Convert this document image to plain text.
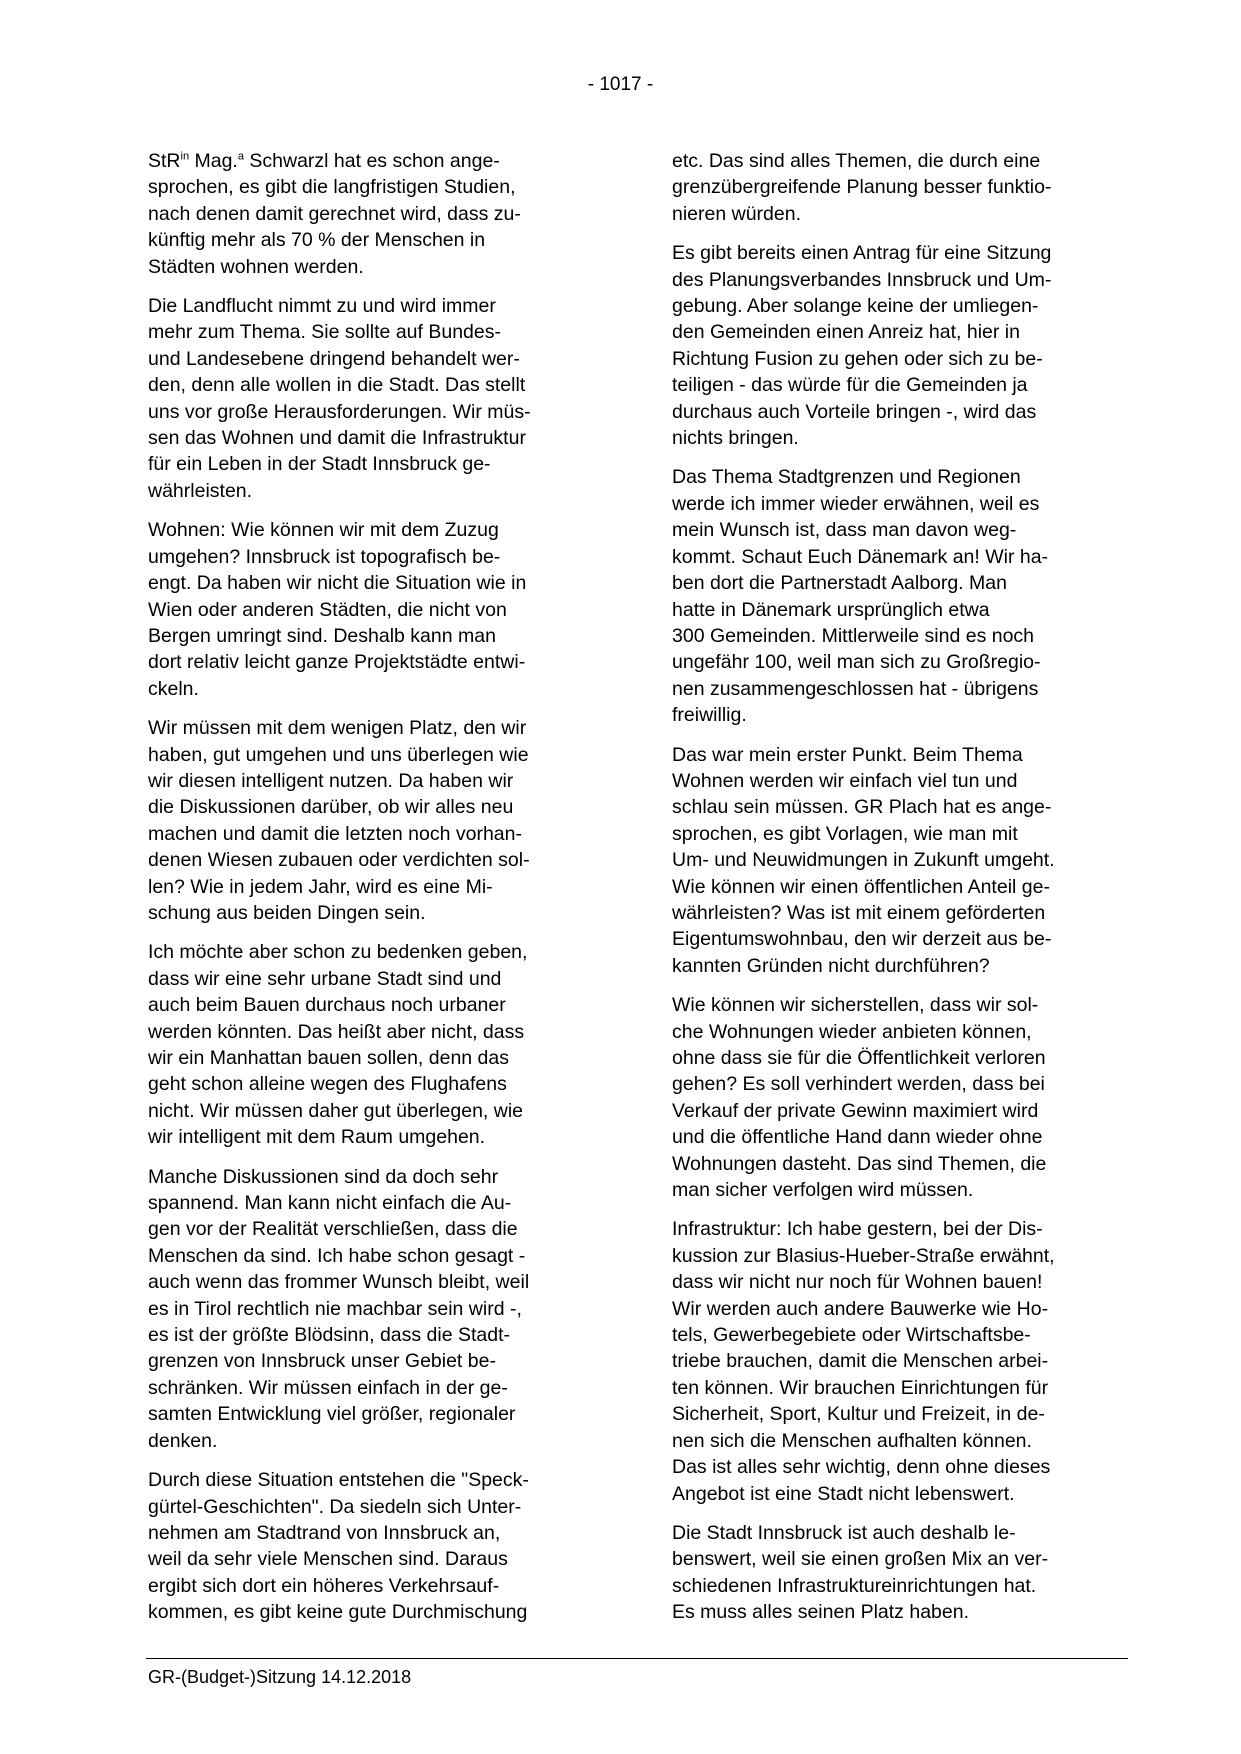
- 1017 -

StR$^{in}$ Mag.$^a$ Schwarzl hat es schon ange-
sprochen, es gibt die langfristigen Studien,
nach denen damit gerechnet wird, dass zu-
künftig mehr als 70 % der Menschen in
Städten wohnen werden.

Die Landflucht nimmt zu und wird immer
mehr zum Thema. Sie sollte auf Bundes-
und Landesebene dringend behandelt wer-
den, denn alle wollen in die Stadt. Das stellt
uns vor große Herausforderungen. Wir müs-
sen das Wohnen und damit die Infrastruktur
für ein Leben in der Stadt Innsbruck ge-
währleisten.

Wohnen: Wie können wir mit dem Zuzug
umgehen? Innsbruck ist topografisch be-
engt. Da haben wir nicht die Situation wie in
Wien oder anderen Städten, die nicht von
Bergen umringt sind. Deshalb kann man
dort relativ leicht ganze Projektstädte entwi-
ckeln.

Wir müssen mit dem wenigen Platz, den wir
haben, gut umgehen und uns überlegen wie
wir diesen intelligent nutzen. Da haben wir
die Diskussionen darüber, ob wir alles neu
machen und damit die letzten noch vorhan-
denen Wiesen zubauen oder verdichten sol-
len? Wie in jedem Jahr, wird es eine Mi-
schung aus beiden Dingen sein.

Ich möchte aber schon zu bedenken geben,
dass wir eine sehr urbane Stadt sind und
auch beim Bauen durchaus noch urbaner
werden könnten. Das heißt aber nicht, dass
wir ein Manhattan bauen sollen, denn das
geht schon alleine wegen des Flughafens
nicht. Wir müssen daher gut überlegen, wie
wir intelligent mit dem Raum umgehen.

Manche Diskussionen sind da doch sehr
spannend. Man kann nicht einfach die Au-
gen vor der Realität verschließen, dass die
Menschen da sind. Ich habe schon gesagt -
auch wenn das frommer Wunsch bleibt, weil
es in Tirol rechtlich nie machbar sein wird -,
es ist der größte Blödsinn, dass die Stadt-
grenzen von Innsbruck unser Gebiet be-
schränken. Wir müssen einfach in der ge-
samten Entwicklung viel größer, regionaler
denken.

Durch diese Situation entstehen die "Speck-
gürtel-Geschichten". Da siedeln sich Unter-
nehmen am Stadtrand von Innsbruck an,
weil da sehr viele Menschen sind. Daraus
ergibt sich dort ein höheres Verkehrsauf-
kommen, es gibt keine gute Durchmischung

etc. Das sind alles Themen, die durch eine
grenzübergreifende Planung besser funktio-
nieren würden.

Es gibt bereits einen Antrag für eine Sitzung
des Planungsverbandes Innsbruck und Um-
gebung. Aber solange keine der umliegen-
den Gemeinden einen Anreiz hat, hier in
Richtung Fusion zu gehen oder sich zu be-
teiligen - das würde für die Gemeinden ja
durchaus auch Vorteile bringen -, wird das
nichts bringen.

Das Thema Stadtgrenzen und Regionen
werde ich immer wieder erwähnen, weil es
mein Wunsch ist, dass man davon weg-
kommt. Schaut Euch Dänemark an! Wir ha-
ben dort die Partnerstadt Aalborg. Man
hatte in Dänemark ursprünglich etwa
300 Gemeinden. Mittlerweile sind es noch
ungefähr 100, weil man sich zu Großregio-
nen zusammengeschlossen hat - übrigens
freiwillig.

Das war mein erster Punkt. Beim Thema
Wohnen werden wir einfach viel tun und
schlau sein müssen. GR Plach hat es ange-
sprochen, es gibt Vorlagen, wie man mit
Um- und Neuwidmungen in Zukunft umgeht.
Wie können wir einen öffentlichen Anteil ge-
währleisten? Was ist mit einem geförderten
Eigentumswohnbau, den wir derzeit aus be-
kannten Gründen nicht durchführen?

Wie können wir sicherstellen, dass wir sol-
che Wohnungen wieder anbieten können,
ohne dass sie für die Öffentlichkeit verloren
gehen? Es soll verhindert werden, dass bei
Verkauf der private Gewinn maximiert wird
und die öffentliche Hand dann wieder ohne
Wohnungen dasteht. Das sind Themen, die
man sicher verfolgen wird müssen.

Infrastruktur: Ich habe gestern, bei der Dis-
kussion zur Blasius-Hueber-Straße erwähnt,
dass wir nicht nur noch für Wohnen bauen!
Wir werden auch andere Bauwerke wie Ho-
tels, Gewerbegebiete oder Wirtschaftsbe-
triebe brauchen, damit die Menschen arbei-
ten können. Wir brauchen Einrichtungen für
Sicherheit, Sport, Kultur und Freizeit, in de-
nen sich die Menschen aufhalten können.
Das ist alles sehr wichtig, denn ohne dieses
Angebot ist eine Stadt nicht lebenswert.

Die Stadt Innsbruck ist auch deshalb le-
benswert, weil sie einen großen Mix an ver-
schiedenen Infrastruktureinrichtungen hat.
Es muss alles seinen Platz haben.

GR-(Budget-)Sitzung 14.12.2018
